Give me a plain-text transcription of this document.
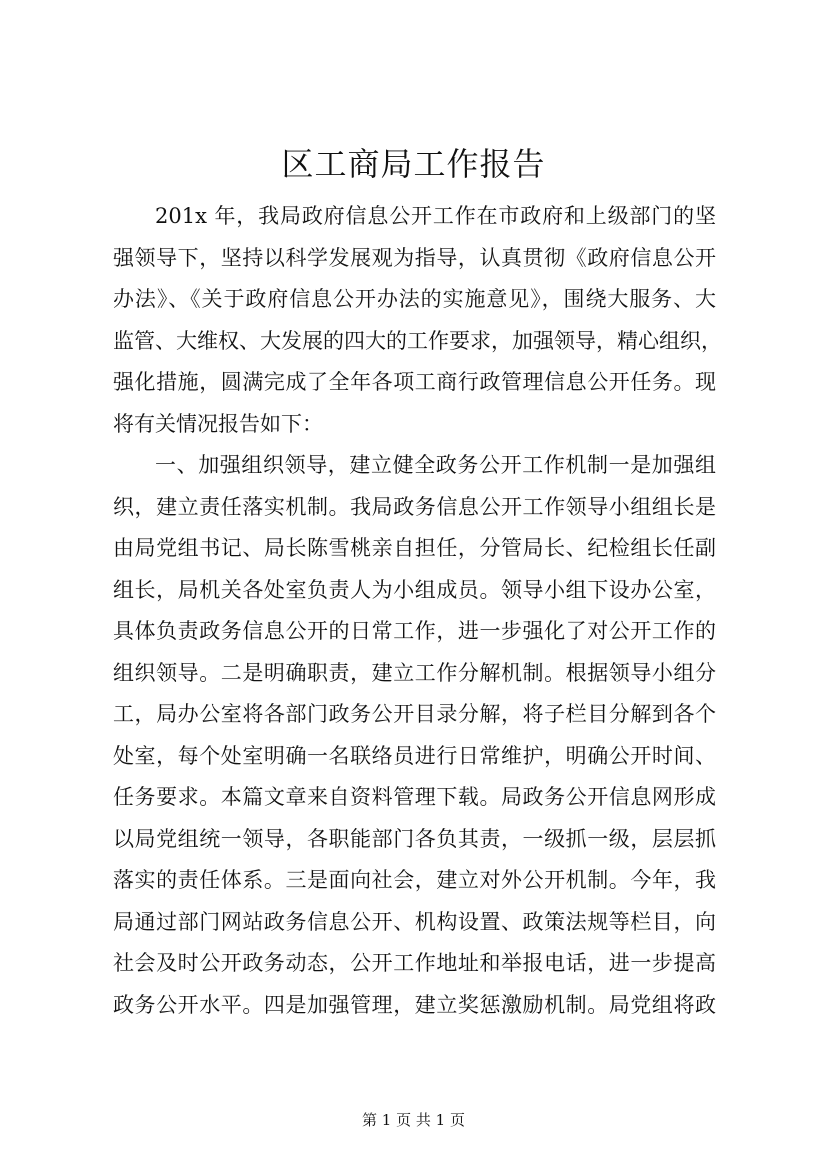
区工商局工作报告
201x 年，我局政府信息公开工作在市政府和上级部门的坚
强领导下，坚持以科学发展观为指导，认真贯彻《政府信息公开
办法》、《关于政府信息公开办法的实施意见》，围绕大服务、大
监管、大维权、大发展的四大的工作要求，加强领导，精心组织，
强化措施，圆满完成了全年各项工商行政管理信息公开任务。现
将有关情况报告如下：
一、加强组织领导，建立健全政务公开工作机制一是加强组
织，建立责任落实机制。我局政务信息公开工作领导小组组长是
由局党组书记、局长陈雪桃亲自担任，分管局长、纪检组长任副
组长，局机关各处室负责人为小组成员。领导小组下设办公室，
具体负责政务信息公开的日常工作，进一步强化了对公开工作的
组织领导。二是明确职责，建立工作分解机制。根据领导小组分
工，局办公室将各部门政务公开目录分解，将子栏目分解到各个
处室，每个处室明确一名联络员进行日常维护，明确公开时间、
任务要求。本篇文章来自资料管理下载。局政务公开信息网形成
以局党组统一领导，各职能部门各负其责，一级抓一级，层层抓
落实的责任体系。三是面向社会，建立对外公开机制。今年，我
局通过部门网站政务信息公开、机构设置、政策法规等栏目，向
社会及时公开政务动态，公开工作地址和举报电话，进一步提高
政务公开水平。四是加强管理，建立奖惩激励机制。局党组将政
第 1 页 共 1 页
